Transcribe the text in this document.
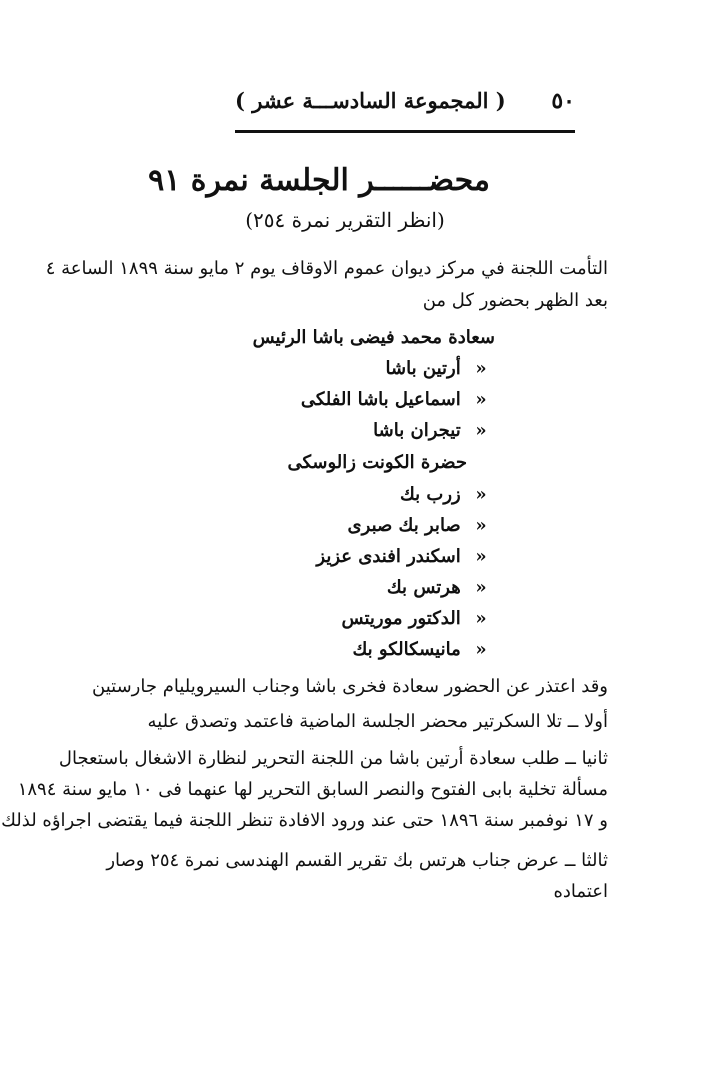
٥٠
( المجموعة السادســـة عشر )
محضــــــر الجلسة نمرة ٩١
(انظر التقرير نمرة ٢٥٤)
التأمت اللجنة في مركز ديوان عموم الاوقاف يوم ٢ مايو سنة ١٨٩٩ الساعة ٤
بعد الظهر بحضور كل من
سعادة محمد فيضى باشا الرئيس
« أرتين باشا
« اسماعيل باشا الفلكى
« تيجران باشا
حضرة الكونت زالوسكى
« زرب بك
« صابر بك صبرى
« اسكندر افندى عزيز
« هرتس بك
« الدكتور موريتس
« مانيسكالكو بك
وقد اعتذر عن الحضور سعادة فخرى باشا وجناب السيرويليام جارستين
أولا ــ تلا السكرتير محضر الجلسة الماضية فاعتمد وتصدق عليه
ثانيا ــ طلب سعادة أرتين باشا من اللجنة التحرير لنظارة الاشغال باستعجال
مسألة تخلية بابى الفتوح والنصر السابق التحرير لها عنهما فى ١٠ مايو سنة ١٨٩٤
و ١٧ نوفمبر سنة ١٨٩٦ حتى عند ورود الافادة تنظر اللجنة فيما يقتضى اجراؤه لذلك
ثالثا ــ عرض جناب هرتس بك تقرير القسم الهندسى نمرة ٢٥٤ وصار
اعتماده
